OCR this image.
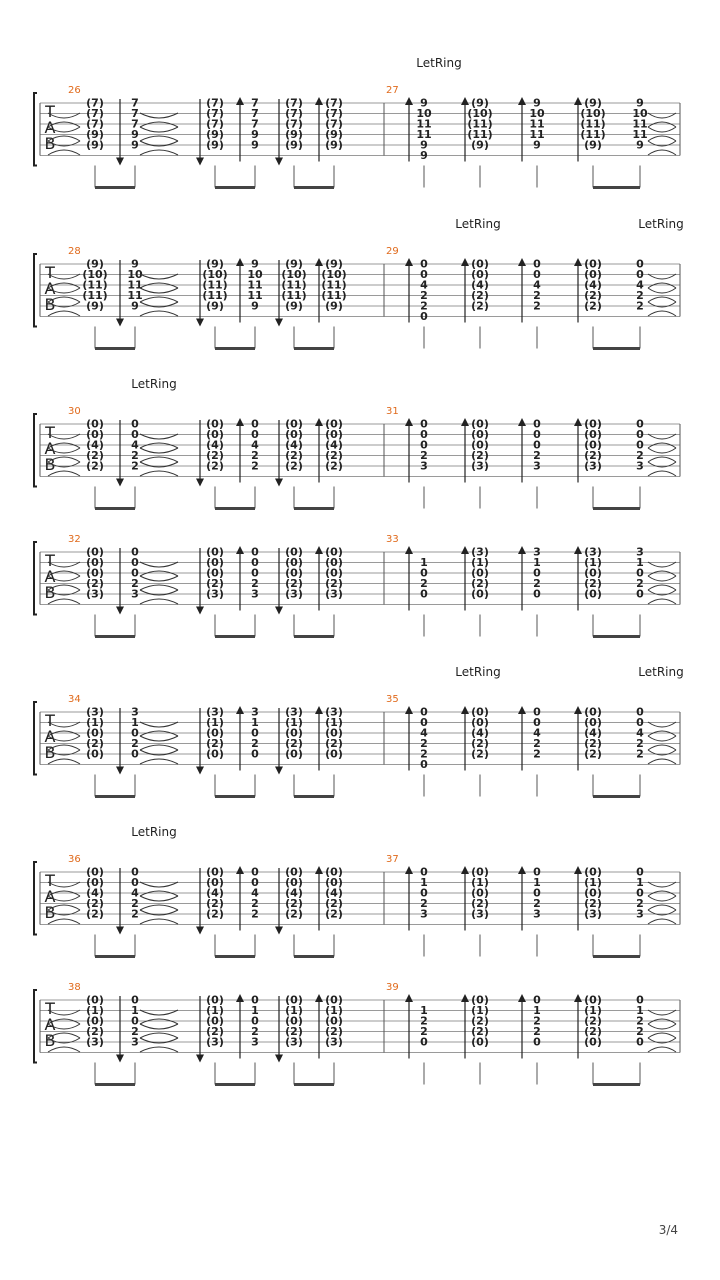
T
A
B
26
(7)
(7)
(7)
(9)
(9)
7
7
7
9
9
(7)
(7)
(7)
(9)
(9)
7
7
7
9
9
(7)
(7)
(7)
(9)
(9)
(7)
(7)
(7)
(9)
(9)
27
9
10
11
11
9
9
(9)
(10)
(11)
(11)
(9)
9
10
11
11
9
(9)
(10)
(11)
(11)
(9)
9
10
11
11
9
LetRing
T
A
B
28
(9)
(10)
(11)
(11)
(9)
9
10
11
11
9
(9)
(10)
(11)
(11)
(9)
9
10
11
11
9
(9)
(10)
(11)
(11)
(9)
(9)
(10)
(11)
(11)
(9)
29
0
0
4
2
2
0
(0)
(0)
(4)
(2)
(2)
0
0
4
2
2
(0)
(0)
(4)
(2)
(2)
0
0
4
2
2
LetRing	LetRing
T
A
B
30
(0)
(0)
(4)
(2)
(2)
0
0
4
2
2
(0)
(0)
(4)
(2)
(2)
0
0
4
2
2
(0)
(0)
(4)
(2)
(2)
(0)
(0)
(4)
(2)
(2)
31
0
0
0
2
3
(0)
(0)
(0)
(2)
(3)
0
0
0
2
3
(0)
(0)
(0)
(2)
(3)
0
0
0
2
3
LetRing
T
A
B
32
(0)
(0)
(0)
(2)
(3)
0
0
0
2
3
(0)
(0)
(0)
(2)
(3)
0
0
0
2
3
(0)
(0)
(0)
(2)
(3)
(0)
(0)
(0)
(2)
(3)
33
1
0
2
0
(3)
(1)
(0)
(2)
(0)
3
1
0
2
0
(3)
(1)
(0)
(2)
(0)
3
1
0
2
0
T
A
B
34
(3)
(1)
(0)
(2)
(0)
3
1
0
2
0
(3)
(1)
(0)
(2)
(0)
3
1
0
2
0
(3)
(1)
(0)
(2)
(0)
(3)
(1)
(0)
(2)
(0)
35
0
0
4
2
2
0
(0)
(0)
(4)
(2)
(2)
0
0
4
2
2
(0)
(0)
(4)
(2)
(2)
0
0
4
2
2
LetRing	LetRing
T
A
B
36
(0)
(0)
(4)
(2)
(2)
0
0
4
2
2
(0)
(0)
(4)
(2)
(2)
0
0
4
2
2
(0)
(0)
(4)
(2)
(2)
(0)
(0)
(4)
(2)
(2)
37
0
1
0
2
3
(0)
(1)
(0)
(2)
(3)
0
1
0
2
3
(0)
(1)
(0)
(2)
(3)
0
1
0
2
3
LetRing
T
A
B
38
(0)
(1)
(0)
(2)
(3)
0
1
0
2
3
(0)
(1)
(0)
(2)
(3)
0
1
0
2
3
(0)
(1)
(0)
(2)
(3)
(0)
(1)
(0)
(2)
(3)
39
1
2
2
0
(0)
(1)
(2)
(2)
(0)
0
1
2
2
0
(0)
(1)
(2)
(2)
(0)
0
1
2
2
0
3/4
